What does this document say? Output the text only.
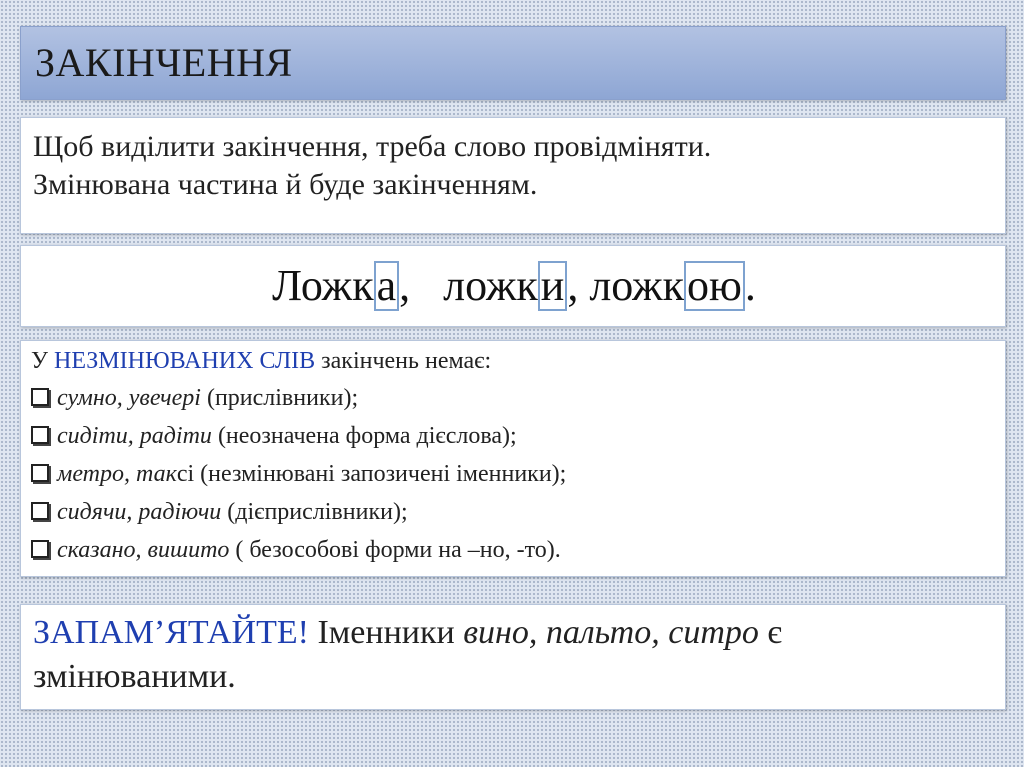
ЗАКІНЧЕННЯ
Щоб виділити закінчення, треба слово провідміняти.
Змінювана частина й буде закінченням.
Ложка, ложки, ложкою.
У НЕЗМІНЮВАНИХ СЛІВ закінчень немає:
сумно, увечері (прислівники);
сидіти, радіти (неозначена форма дієслова);
метро, таксі (незмінювані запозичені іменники);
сидячи, радіючи (дієприслівники);
сказано, вишито ( безособові форми на –но, -то).
ЗАПАМ’ЯТАЙТЕ! Іменники вино, пальто, ситро є
змінюваними.
